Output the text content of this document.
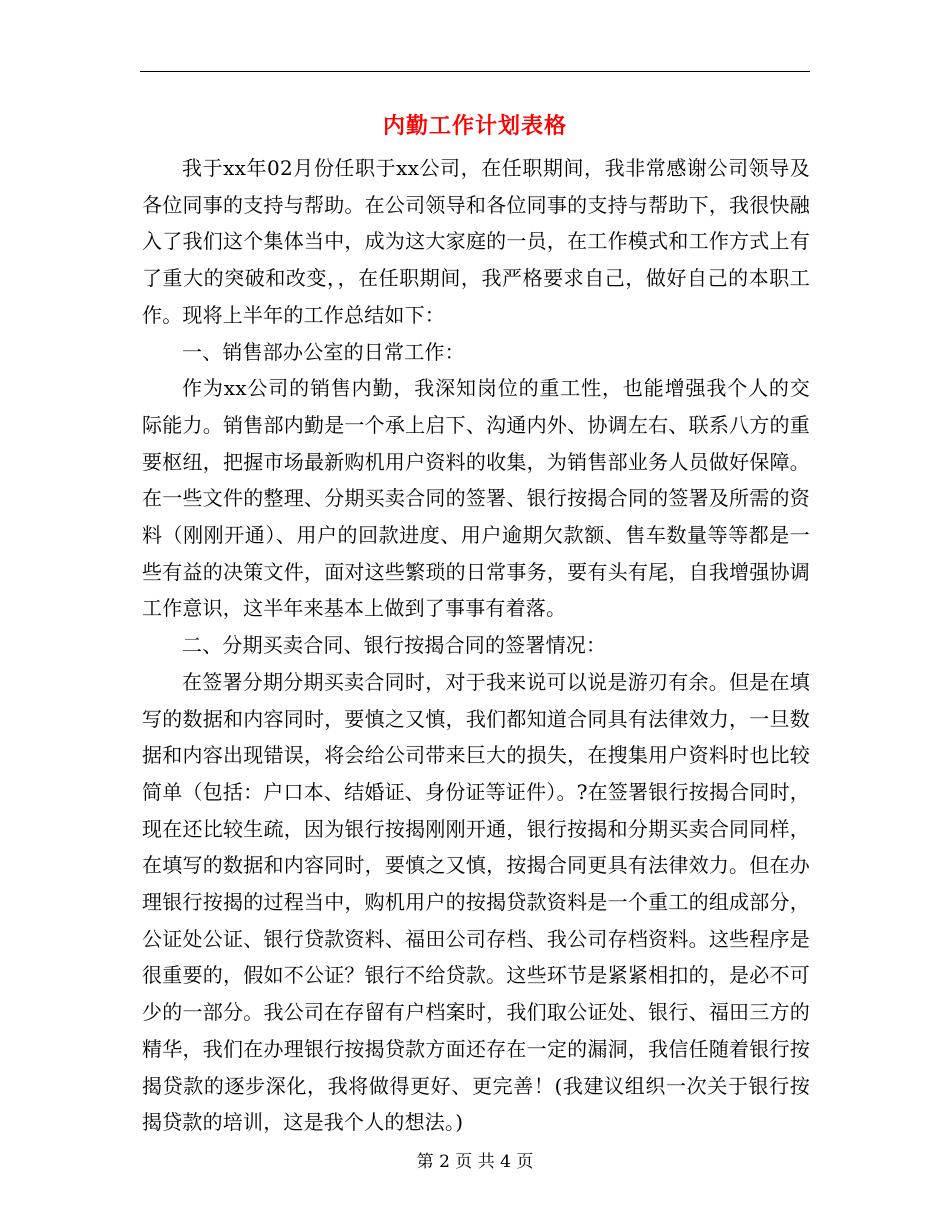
内勤工作计划表格

我于xx年02月份任职于xx公司，在任职期间，我非常感谢公司领导及各位同事的支持与帮助。在公司领导和各位同事的支持与帮助下，我很快融入了我们这个集体当中，成为这大家庭的一员，在工作模式和工作方式上有了重大的突破和改变，，在任职期间，我严格要求自己，做好自己的本职工作。现将上半年的工作总结如下：

一、销售部办公室的日常工作：

作为xx公司的销售内勤，我深知岗位的重工性，也能增强我个人的交际能力。销售部内勤是一个承上启下、沟通内外、协调左右、联系八方的重要枢纽，把握市场最新购机用户资料的收集，为销售部业务人员做好保障。在一些文件的整理、分期买卖合同的签署、银行按揭合同的签署及所需的资料（刚刚开通）、用户的回款进度、用户逾期欠款额、售车数量等等都是一些有益的决策文件，面对这些繁琐的日常事务，要有头有尾，自我增强协调工作意识，这半年来基本上做到了事事有着落。

二、分期买卖合同、银行按揭合同的签署情况：

在签署分期分期买卖合同时，对于我来说可以说是游刃有余。但是在填写的数据和内容同时，要慎之又慎，我们都知道合同具有法律效力，一旦数据和内容出现错误，将会给公司带来巨大的损失，在搜集用户资料时也比较简单（包括：户口本、结婚证、身份证等证件）。?在签署银行按揭合同时，现在还比较生疏，因为银行按揭刚刚开通，银行按揭和分期买卖合同同样，在填写的数据和内容同时，要慎之又慎，按揭合同更具有法律效力。但在办理银行按揭的过程当中，购机用户的按揭贷款资料是一个重工的组成部分，公证处公证、银行贷款资料、福田公司存档、我公司存档资料。这些程序是很重要的，假如不公证？银行不给贷款。这些环节是紧紧相扣的，是必不可少的一部分。我公司在存留有户档案时，我们取公证处、银行、福田三方的精华，我们在办理银行按揭贷款方面还存在一定的漏洞，我信任随着银行按揭贷款的逐步深化，我将做得更好、更完善！(我建议组织一次关于银行按揭贷款的培训，这是我个人的想法。)

第 2 页 共 4 页
